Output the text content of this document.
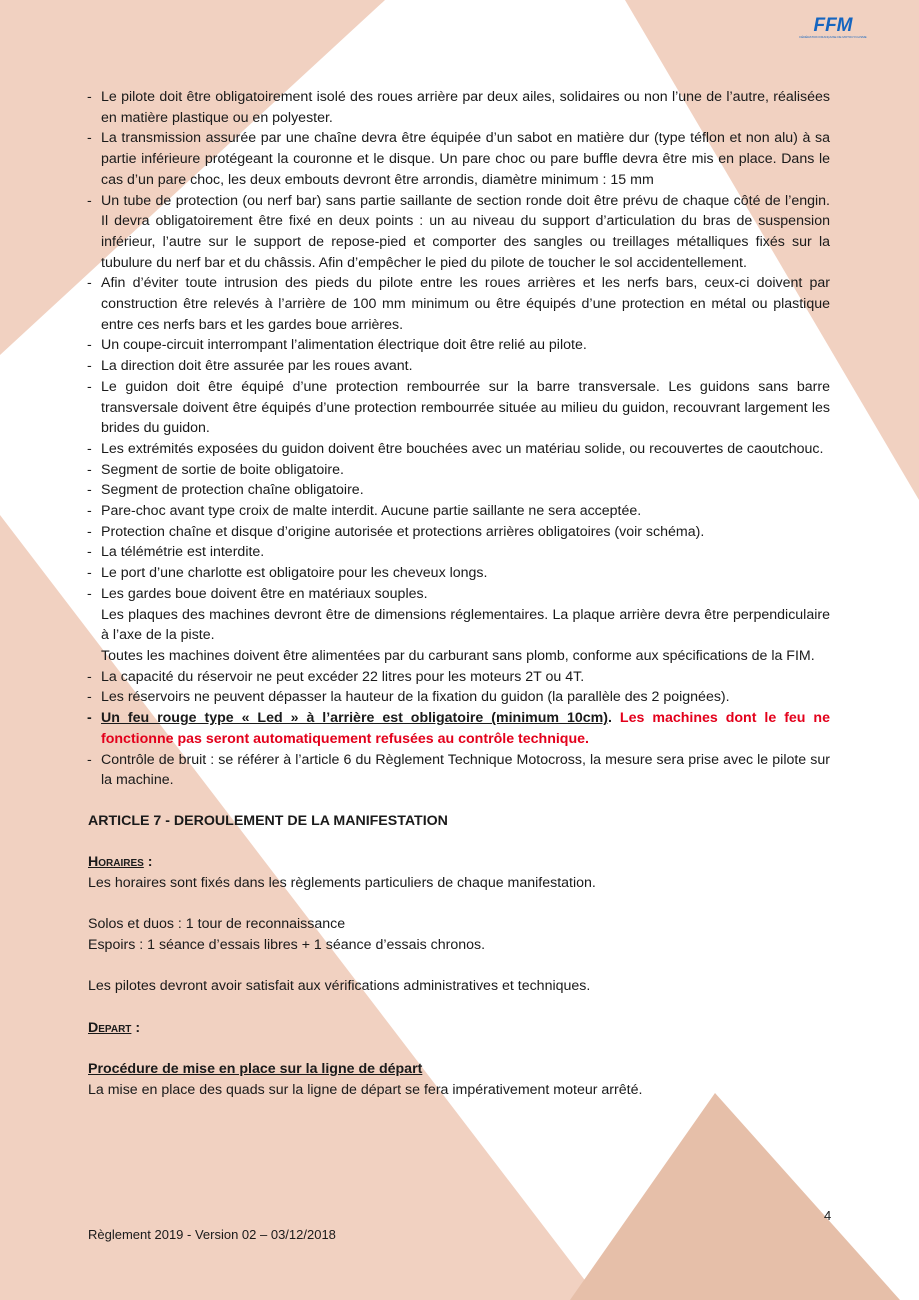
FFM
FÉDÉRATION FRANÇAISE DE MOTOCYCLISME
- Le pilote doit être obligatoirement isolé des roues arrière par deux ailes, solidaires ou non l’une de l’autre, réalisées en matière plastique ou en polyester.
- La transmission assurée par une chaîne devra être équipée d’un sabot en matière dur (type téflon et non alu) à sa partie inférieure protégeant la couronne et le disque. Un pare choc ou pare buffle devra être mis en place. Dans le cas d’un pare choc, les deux embouts devront être arrondis, diamètre minimum : 15 mm
- Un tube de protection (ou nerf bar) sans partie saillante de section ronde doit être prévu de chaque côté de l’engin. Il devra obligatoirement être fixé en deux points : un au niveau du support d’articulation du bras de suspension inférieur, l’autre sur le support de repose-pied et comporter des sangles ou treillages métalliques fixés sur la tubulure du nerf bar et du châssis. Afin d’empêcher le pied du pilote de toucher le sol accidentellement.
- Afin d’éviter toute intrusion des pieds du pilote entre les roues arrières et les nerfs bars, ceux-ci doivent par construction être relevés à l’arrière de 100 mm minimum ou être équipés d’une protection en métal ou plastique entre ces nerfs bars et les gardes boue arrières.
- Un coupe-circuit interrompant l’alimentation électrique doit être relié au pilote.
- La direction doit être assurée par les roues avant.
- Le guidon doit être équipé d’une protection rembourrée sur la barre transversale. Les guidons sans barre transversale doivent être équipés d’une protection rembourrée située au milieu du guidon, recouvrant largement les brides du guidon.
- Les extrémités exposées du guidon doivent être bouchées avec un matériau solide, ou recouvertes de caoutchouc.
- Segment de sortie de boite obligatoire.
- Segment de protection chaîne obligatoire.
- Pare-choc avant type croix de malte interdit. Aucune partie saillante ne sera acceptée.
- Protection chaîne et disque d’origine autorisée et protections arrières obligatoires (voir schéma).
- La télémétrie est interdite.
- Le port d’une charlotte est obligatoire pour les cheveux longs.
- Les gardes boue doivent être en matériaux souples.
Les plaques des machines devront être de dimensions réglementaires. La plaque arrière devra être perpendiculaire à l’axe de la piste.
Toutes les machines doivent être alimentées par du carburant sans plomb, conforme aux spécifications de la FIM.
- La capacité du réservoir ne peut excéder 22 litres pour les moteurs 2T ou 4T.
- Les réservoirs ne peuvent dépasser la hauteur de la fixation du guidon (la parallèle des 2 poignées).
- Un feu rouge type « Led » à l’arrière est obligatoire (minimum 10cm). Les machines dont le feu ne fonctionne pas seront automatiquement refusées au contrôle technique.
- Contrôle de bruit : se référer à l’article 6 du Règlement Technique Motocross, la mesure sera prise avec le pilote sur la machine.

ARTICLE 7 - DEROULEMENT DE LA MANIFESTATION

Horaires :

Les horaires sont fixés dans les règlements particuliers de chaque manifestation.

Solos et duos : 1 tour de reconnaissance

Espoirs : 1 séance d’essais libres + 1 séance d’essais chronos.

Les pilotes devront avoir satisfait aux vérifications administratives et techniques.

Depart :

Procédure de mise en place sur la ligne de départ

La mise en place des quads sur la ligne de départ se fera impérativement moteur arrêté.

4
Règlement 2019 - Version 02 – 03/12/2018
